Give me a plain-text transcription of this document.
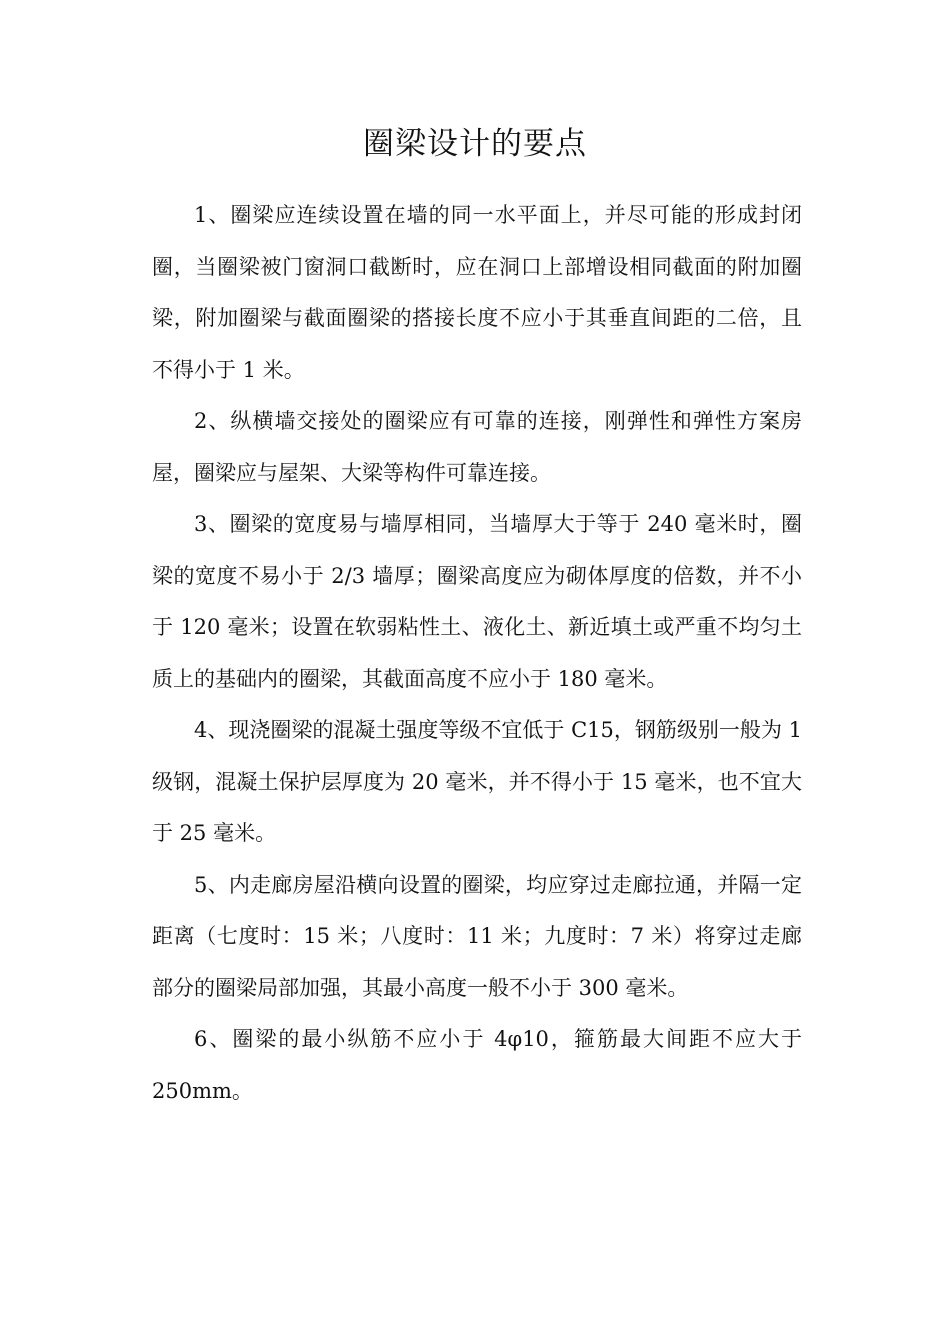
圈梁设计的要点

1、圈梁应连续设置在墙的同一水平面上，并尽可能的形成封闭圈，当圈梁被门窗洞口截断时，应在洞口上部增设相同截面的附加圈梁，附加圈梁与截面圈梁的搭接长度不应小于其垂直间距的二倍，且不得小于 1 米。

2、纵横墙交接处的圈梁应有可靠的连接，刚弹性和弹性方案房屋，圈梁应与屋架、大梁等构件可靠连接。

3、圈梁的宽度易与墙厚相同，当墙厚大于等于 240 毫米时，圈梁的宽度不易小于 2/3 墙厚；圈梁高度应为砌体厚度的倍数，并不小于 120 毫米；设置在软弱粘性土、液化土、新近填土或严重不均匀土质上的基础内的圈梁，其截面高度不应小于 180 毫米。

4、现浇圈梁的混凝土强度等级不宜低于 C15，钢筋级别一般为 1 级钢，混凝土保护层厚度为 20 毫米，并不得小于 15 毫米，也不宜大于 25 毫米。

5、内走廊房屋沿横向设置的圈梁，均应穿过走廊拉通，并隔一定距离（七度时：15 米；八度时：11 米；九度时：7 米）将穿过走廊部分的圈梁局部加强，其最小高度一般不小于 300 毫米。

6、圈梁的最小纵筋不应小于 4φ10，箍筋最大间距不应大于 250mm。
